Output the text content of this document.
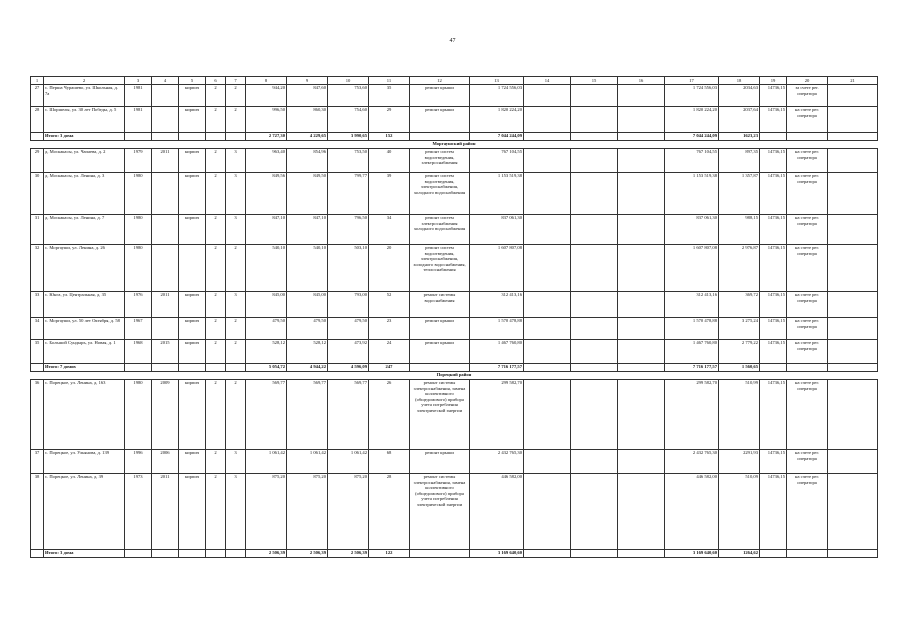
47
1	2	3	4	5	6	7	8	9	10	11	12	13	14	15	16	17	18	19	20	21
27	с. Перша Чурашево, ул. Школьная, д. 7а	1981		кирпич	2	2	944,20	847,60	753,60	35	ремонт крыши	1 724 556,03				1 724 556,03	2034,63	14736,15	за счете рег. оператора	
28	с. Шоршелы, ул. 30 лет Победы, д. 5	1981		кирпич	2	2	996,50	860,30	754,60	29	ремонт крыши	1 820 224,20				1 820 224,20	2037,64	14736,15	на счете рег. оператора	
	Итого: 3 дома						2 727,30	4 229,65	3 990,65	152		7 044 244,09				7 044 244,09	1623,23			
Моргаушский район																				
29	д. Москакасы, ул. Чапаева, д. 2	1979	2011	кирпич	2	3	963,40	854,96	753,50	40	ремонт систем водоотведения, электроснабжения	767 104,55				767 104,55	897,35	14736,15	на счете рег. оператора	
30	д. Москакасы, ул. Ленина, д. 3	1980		кирпич	2	3	849,56	849,50	799,77	39	ремонт систем водоотведения, электроснабжения, холодного водоснабжения	1 153 519,38				1 153 519,38	1 357,87	14736,15	на счете рег. оператора	
31	д. Москакасы, ул. Ленина, д. 7	1980		кирпич	2	3	847,10	847,10	796,50	34	ремонт систем электроснабжения холодного водоснабжения	837 061,30				837 061,30	988,15	14736,15	на счете рег. оператора	
32	с. Моргауши, ул. Ленина, д. 26	1980			2	2	540,10	540,10	503,10	20	ремонт систем водоотведения, электроснабжения, холодного водоснабжения, теплоснабжения	1 607 807,08				1 607 807,08	2 976,87	14736,15	на счете рег. оператора	
33	с. Юнга, ул. Центральная, д. 35	1976	2011	кирпич	2	3	845,00	845,00	793,00	52	ремонт системы водоснабжения	312 413,16				312 413,16	369,72	14736,15	на счете рег. оператора	
34	с. Моргауши, ул. 50 лет Октября, д. 58	1967		кирпич	2	2	479,50	479,50	479,50	23	ремонт крыши	1 570 478,88				1 570 478,88	3 275,24	14736,15	на счете рег. оператора	
35	с. Большой Сундырь, ул. Новая, д. 1	1968	2015	кирпич	2	2	528,12	528,12	473,92	24	ремонт крыши	1 467 760,80				1 467 760,80	2 779,22	14736,15	на счете рег. оператора	
	Итого: 7 домов						5 054,72	4 944,22	4 596,09	247		7 716 177,57				7 716 177,57	1 560,65			
Порецкий район																				
36	с. Порецкое, ул. Ленина, д. 163	1980	2009	кирпич	2	2	569,77	569,77	569,77	26	ремонт системы электроснабжения, замена коллективного (общедомового) прибора учета потребления электрической энергии	299 582,70				299 582,70	510,99	14736,15	на счете рег. оператора	
37	с. Порецкое, ул. Ульянова, д. 139	1996	2006	кирпич	2	3	1 061,42	1 061,42	1 061,42	68	ремонт крыши	2 432 765,30				2 432 765,30	2291,93	14736,15	на счете рег. оператора	
38	с. Порецкое, ул. Ленина, д. 39	1973	2011	кирпич	2	3	875,20	875,20	875,20	28	ремонт системы электроснабжения, замена коллективного (общедомового) прибора учета потребления электрической энергии	446 582,00				446 582,00	510,09	14736,15	на счете рег. оператора	
	Итого: 3 дома						2 506,39	2 506,39	2 506,39	122		3 169 640,60				3 169 640,60	1264,62			
